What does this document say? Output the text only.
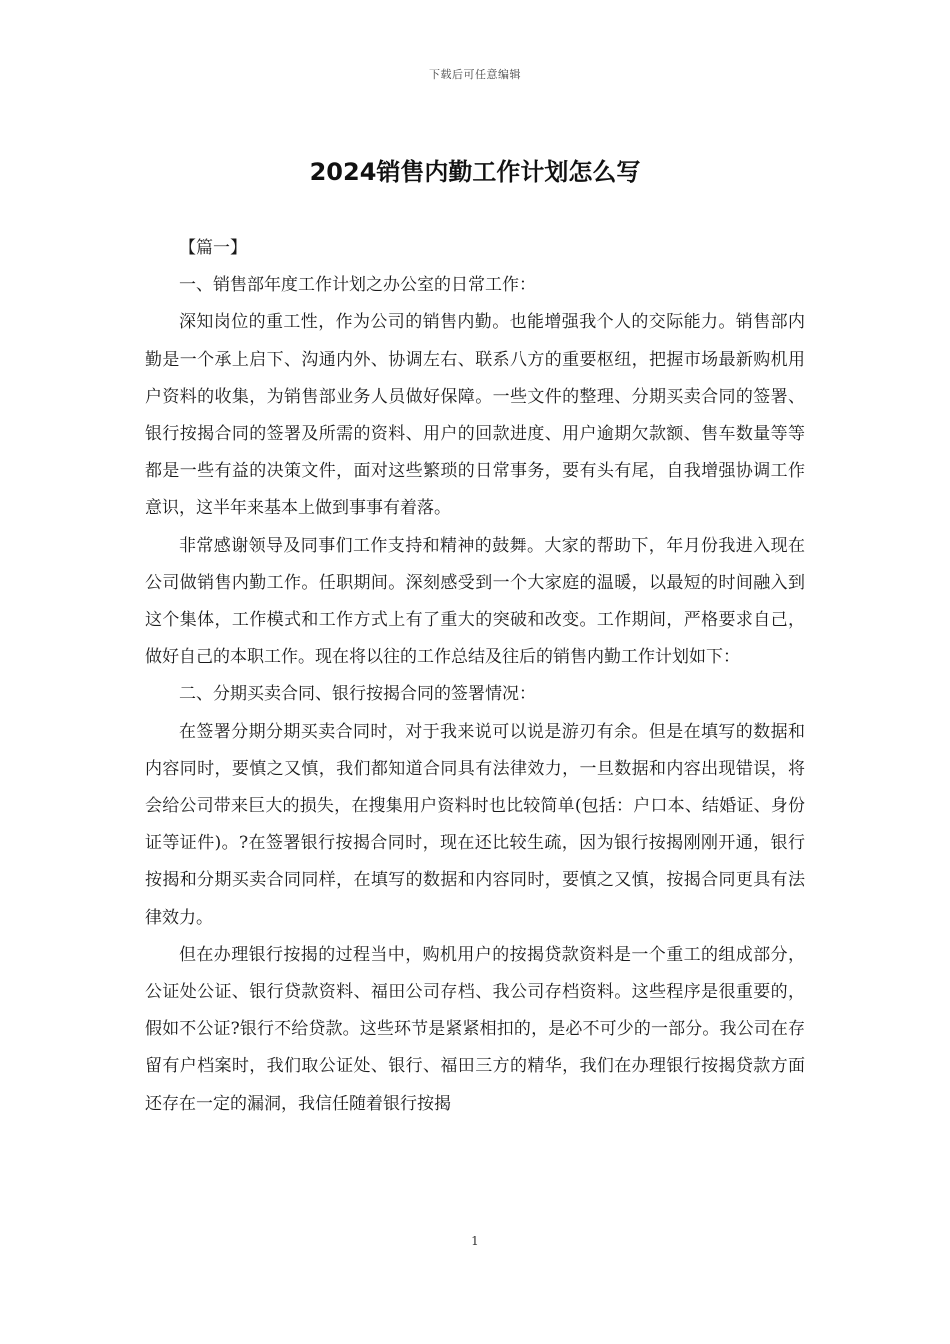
下载后可任意编辑
2024销售内勤工作计划怎么写

【篇一】

一、销售部年度工作计划之办公室的日常工作：

深知岗位的重工性，作为公司的销售内勤。也能增强我个人的交际能力。销售部内勤是一个承上启下、沟通内外、协调左右、联系八方的重要枢纽，把握市场最新购机用户资料的收集，为销售部业务人员做好保障。一些文件的整理、分期买卖合同的签署、银行按揭合同的签署及所需的资料、用户的回款进度、用户逾期欠款额、售车数量等等都是一些有益的决策文件，面对这些繁琐的日常事务，要有头有尾，自我增强协调工作意识，这半年来基本上做到事事有着落。

非常感谢领导及同事们工作支持和精神的鼓舞。大家的帮助下，年月份我进入现在公司做销售内勤工作。任职期间。深刻感受到一个大家庭的温暖，以最短的时间融入到这个集体，工作模式和工作方式上有了重大的突破和改变。工作期间，严格要求自己，做好自己的本职工作。现在将以往的工作总结及往后的销售内勤工作计划如下：

二、分期买卖合同、银行按揭合同的签署情况：

在签署分期分期买卖合同时，对于我来说可以说是游刃有余。但是在填写的数据和内容同时，要慎之又慎，我们都知道合同具有法律效力，一旦数据和内容出现错误，将会给公司带来巨大的损失，在搜集用户资料时也比较简单(包括：户口本、结婚证、身份证等证件)。?在签署银行按揭合同时，现在还比较生疏，因为银行按揭刚刚开通，银行按揭和分期买卖合同同样，在填写的数据和内容同时，要慎之又慎，按揭合同更具有法律效力。

但在办理银行按揭的过程当中，购机用户的按揭贷款资料是一个重工的组成部分，公证处公证、银行贷款资料、福田公司存档、我公司存档资料。这些程序是很重要的，假如不公证?银行不给贷款。这些环节是紧紧相扣的，是必不可少的一部分。我公司在存留有户档案时，我们取公证处、银行、福田三方的精华，我们在办理银行按揭贷款方面还存在一定的漏洞，我信任随着银行按揭

1
